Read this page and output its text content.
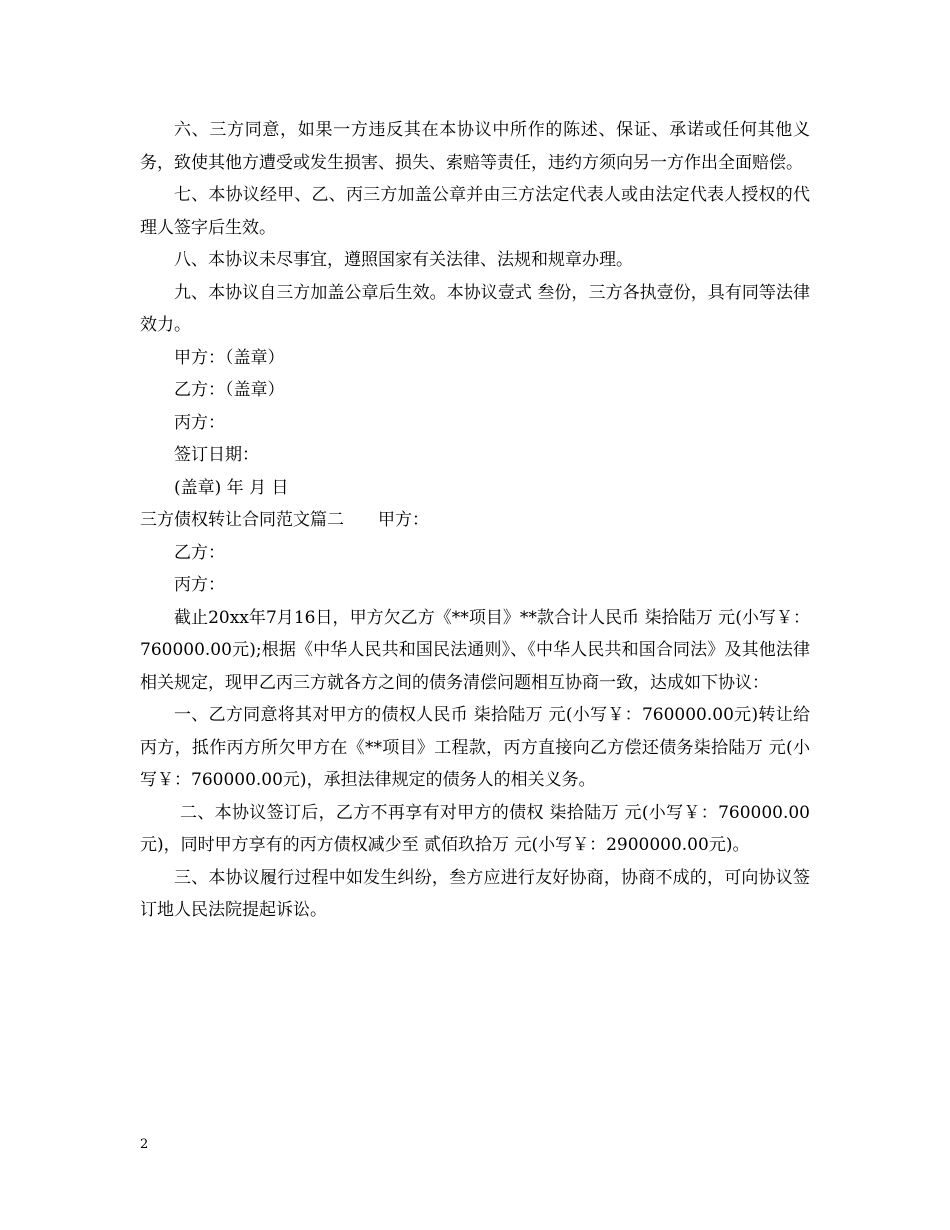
六、三方同意，如果一方违反其在本协议中所作的陈述、保证、承诺或任何其他义务，致使其他方遭受或发生损害、损失、索赔等责任，违约方须向另一方作出全面赔偿。

七、本协议经甲、乙、丙三方加盖公章并由三方法定代表人或由法定代表人授权的代理人签字后生效。

八、本协议未尽事宜，遵照国家有关法律、法规和规章办理。

九、本协议自三方加盖公章后生效。本协议壹式 叁份，三方各执壹份，具有同等法律效力。

甲方：（盖章）

乙方：（盖章）

丙方：

签订日期：

(盖章) 年 月 日

三方债权转让合同范文篇二　　甲方：

乙方：

丙方：

截止20xx年7月16日，甲方欠乙方《**项目》**款合计人民币 柒拾陆万 元(小写￥：760000.00元);根据《中华人民共和国民法通则》、《中华人民共和国合同法》及其他法律相关规定，现甲乙丙三方就各方之间的债务清偿问题相互协商一致，达成如下协议：

一、乙方同意将其对甲方的债权人民币 柒拾陆万 元(小写￥：760000.00元)转让给丙方，抵作丙方所欠甲方在《**项目》工程款，丙方直接向乙方偿还债务柒拾陆万 元(小写￥：760000.00元)，承担法律规定的债务人的相关义务。

二、本协议签订后，乙方不再享有对甲方的债权 柒拾陆万 元(小写￥：760000.00元)，同时甲方享有的丙方债权减少至 贰佰玖拾万 元(小写￥：2900000.00元)。

三、本协议履行过程中如发生纠纷，叁方应进行友好协商，协商不成的，可向协议签订地人民法院提起诉讼。

2
